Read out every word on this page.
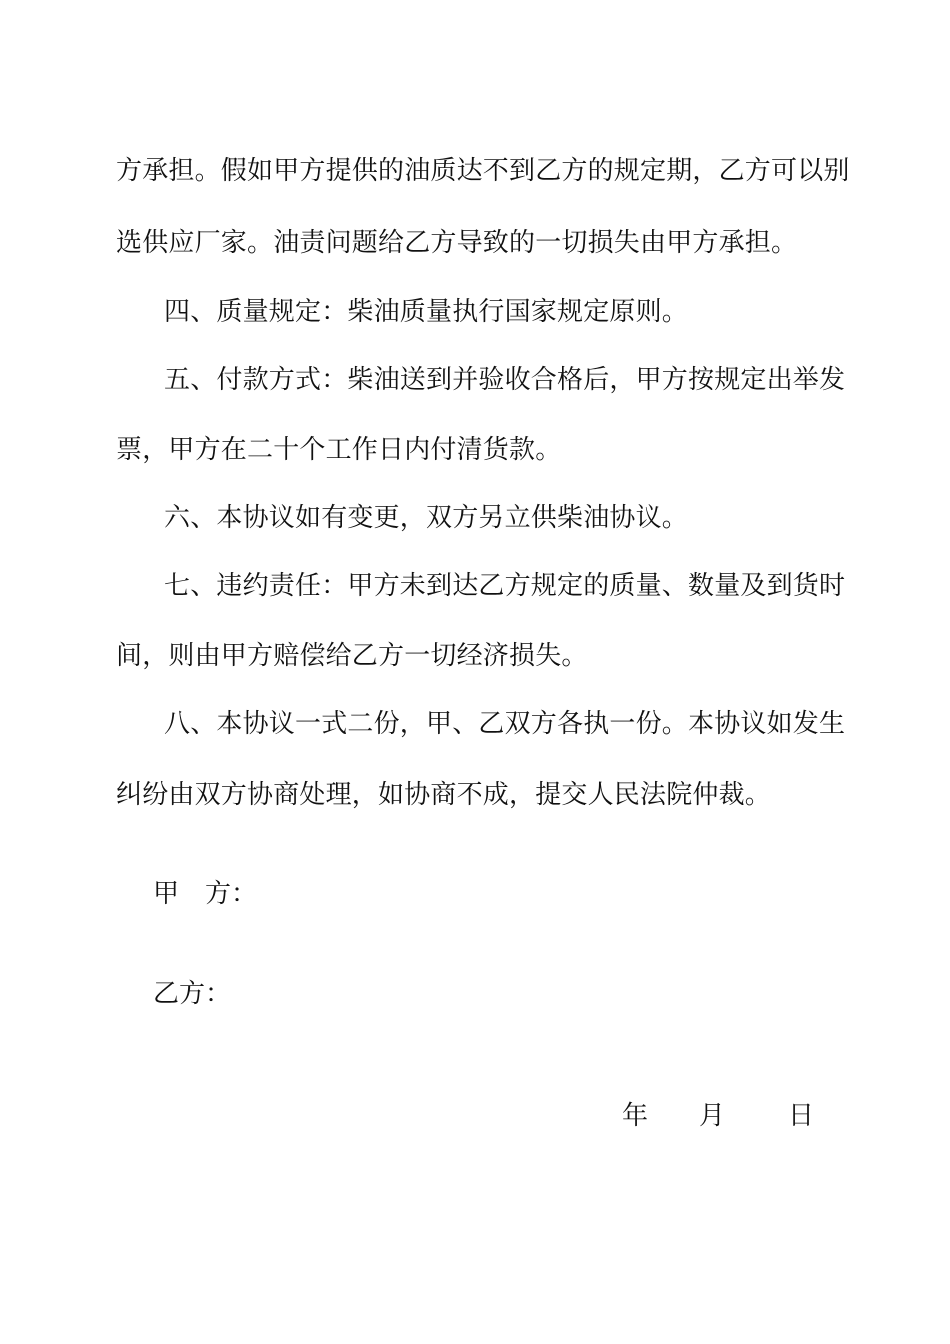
方承担。假如甲方提供的油质达不到乙方的规定期，乙方可以别
选供应厂家。油责问题给乙方导致的一切损失由甲方承担。
四、质量规定：柴油质量执行国家规定原则。
五、付款方式：柴油送到并验收合格后，甲方按规定出举发
票，甲方在二十个工作日内付清货款。
六、本协议如有变更，双方另立供柴油协议。
七、违约责任：甲方未到达乙方规定的质量、数量及到货时
间，则由甲方赔偿给乙方一切经济损失。
八、本协议一式二份，甲、乙双方各执一份。本协议如发生
纠纷由双方协商处理，如协商不成，提交人民法院仲裁。
甲　方：
乙方：
年 月 日
